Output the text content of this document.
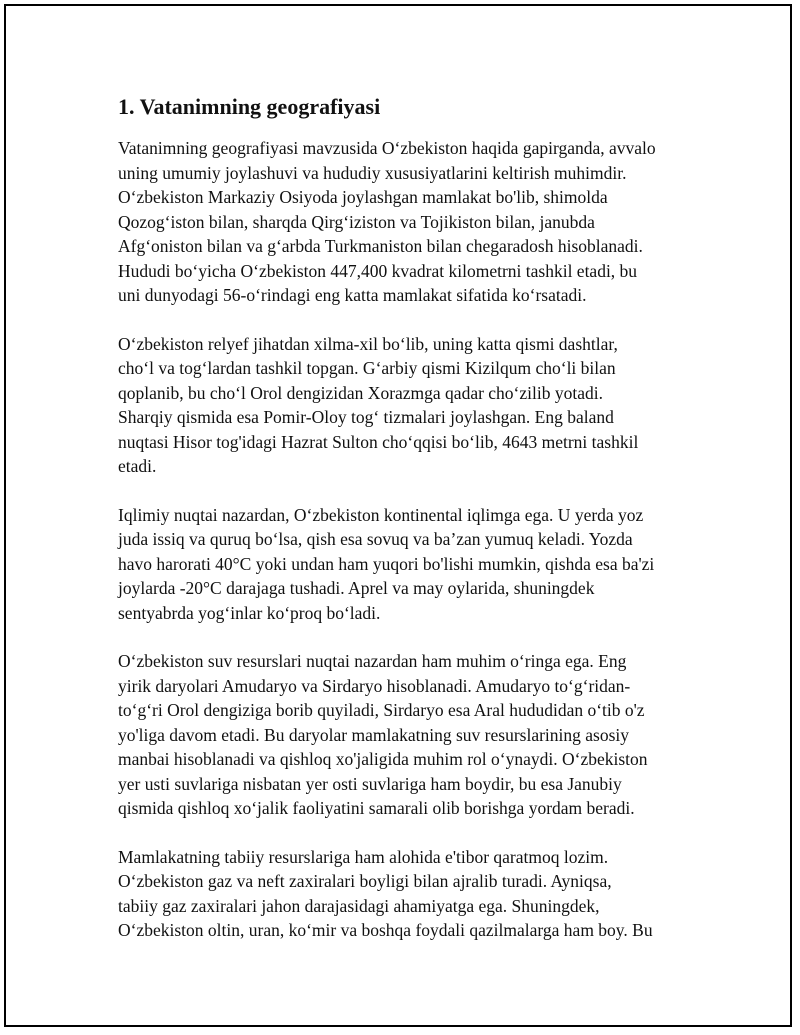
1. Vatanimning geografiyasi

Vatanimning geografiyasi mavzusida O‘zbekiston haqida gapirganda, avvalo
uning umumiy joylashuvi va hududiy xususiyatlarini keltirish muhimdir.
O‘zbekiston Markaziy Osiyoda joylashgan mamlakat bo'lib, shimolda
Qozog‘iston bilan, sharqda Qirg‘iziston va Tojikiston bilan, janubda
Afg‘oniston bilan va g‘arbda Turkmaniston bilan chegaradosh hisoblanadi.
Hududi bo‘yicha O‘zbekiston 447,400 kvadrat kilometrni tashkil etadi, bu
uni dunyodagi 56-o‘rindagi eng katta mamlakat sifatida ko‘rsatadi.

O‘zbekiston relyef jihatdan xilma-xil bo‘lib, uning katta qismi dashtlar,
cho‘l va tog‘lardan tashkil topgan. G‘arbiy qismi Kizilqum cho‘li bilan
qoplanib, bu cho‘l Orol dengizidan Xorazmga qadar cho‘zilib yotadi.
Sharqiy qismida esa Pomir-Oloy tog‘ tizmalari joylashgan. Eng baland
nuqtasi Hisor tog'idagi Hazrat Sulton cho‘qqisi bo‘lib, 4643 metrni tashkil
etadi.

Iqlimiy nuqtai nazardan, O‘zbekiston kontinental iqlimga ega. U yerda yoz
juda issiq va quruq bo‘lsa, qish esa sovuq va ba’zan yumuq keladi. Yozda
havo harorati 40°C yoki undan ham yuqori bo'lishi mumkin, qishda esa ba'zi
joylarda -20°C darajaga tushadi. Aprel va may oylarida, shuningdek
sentyabrda yog‘inlar ko‘proq bo‘ladi.

O‘zbekiston suv resurslari nuqtai nazardan ham muhim o‘ringa ega. Eng
yirik daryolari Amudaryo va Sirdaryo hisoblanadi. Amudaryo to‘g‘ridan-
to‘g‘ri Orol dengiziga borib quyiladi, Sirdaryo esa Aral hududidan o‘tib o'z
yo'liga davom etadi. Bu daryolar mamlakatning suv resurslarining asosiy
manbai hisoblanadi va qishloq xo'jaligida muhim rol o‘ynaydi. O‘zbekiston
yer usti suvlariga nisbatan yer osti suvlariga ham boydir, bu esa Janubiy
qismida qishloq xo‘jalik faoliyatini samarali olib borishga yordam beradi.

Mamlakatning tabiiy resurslariga ham alohida e'tibor qaratmoq lozim.
O‘zbekiston gaz va neft zaxiralari boyligi bilan ajralib turadi. Ayniqsa,
tabiiy gaz zaxiralari jahon darajasidagi ahamiyatga ega. Shuningdek,
O‘zbekiston oltin, uran, ko‘mir va boshqa foydali qazilmalarga ham boy. Bu
